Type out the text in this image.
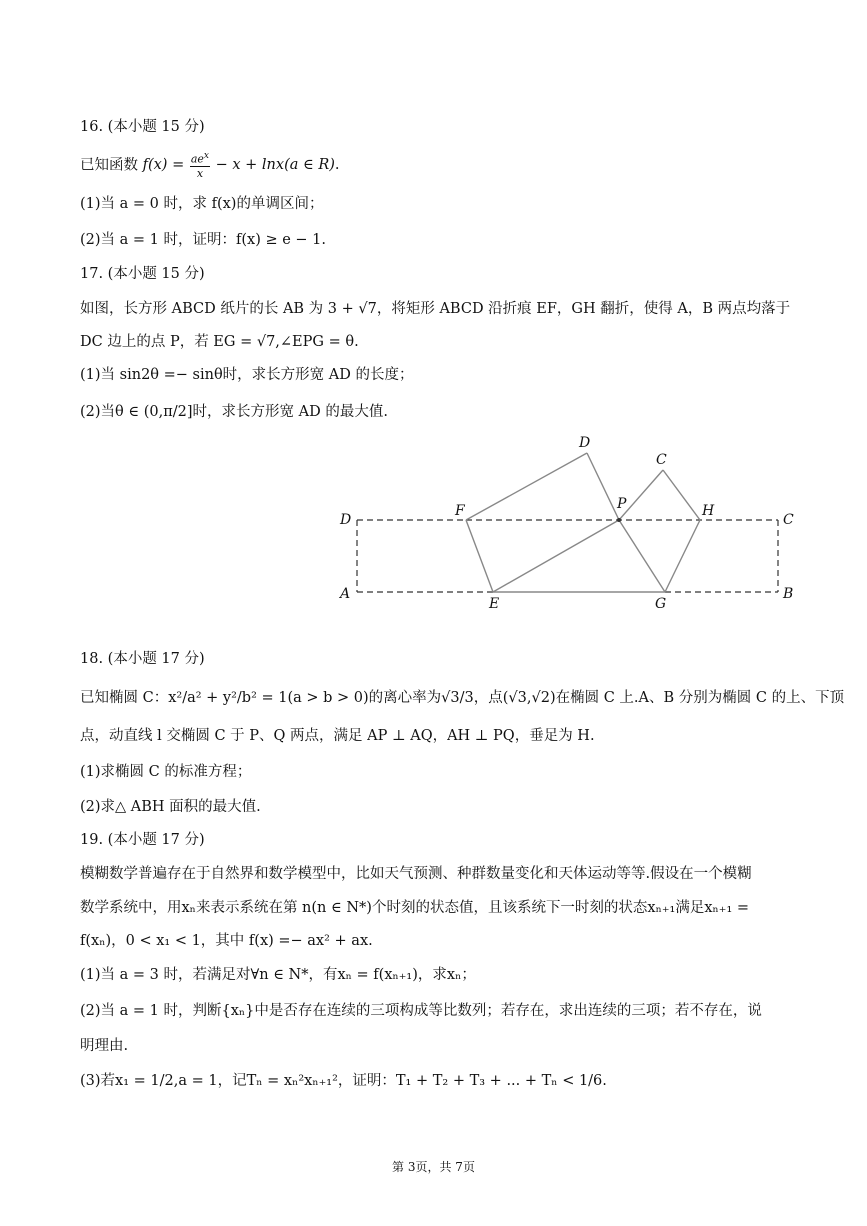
16. (本小题 15 分)
已知函数 $f(x) = \frac{ae^x}{x} - x + \ln x(a$ ∈ R).
(1)当 a = 0 时，求 f(x)的单调区间；
(2)当 a = 1 时，证明：f(x) ≥ e − 1.
17. (本小题 15 分)
如图，长方形 ABCD 纸片的长 AB 为 3 + √7，将矩形 ABCD 沿折痕 EF，GH 翻折，使得 A，B 两点均落于
DC 边上的点 P，若 EG = √7,∠EPG = θ.
(1)当 sin2θ =− sinθ时，求长方形宽 AD 的长度；
(2)当θ ∈ (0,π/2]时，求长方形宽 AD 的最大值.
D
C
F	P	H
D	C
A
E	G
B
18. (本小题 17 分)
已知椭圆 C：x²/a² + y²/b² = 1(a > b > 0)的离心率为√3/3，点(√3,√2)在椭圆 C 上.A、B 分别为椭圆 C 的上、下顶
点，动直线 l 交椭圆 C 于 P、Q 两点，满足 AP ⊥ AQ，AH ⊥ PQ，垂足为 H.
(1)求椭圆 C 的标准方程；
(2)求△ ABH 面积的最大值.
19. (本小题 17 分)
模糊数学普遍存在于自然界和数学模型中，比如天气预测、种群数量变化和天体运动等等.假设在一个模糊
数学系统中，用xₙ来表示系统在第 n(n ∈ N*)个时刻的状态值，且该系统下一时刻的状态xₙ₊₁满足xₙ₊₁ =
f(xₙ)，0 < x₁ < 1，其中 f(x) =− ax² + ax.
(1)当 a = 3 时，若满足对∀n ∈ N*，有xₙ = f(xₙ₊₁)，求xₙ；
(2)当 a = 1 时，判断{xₙ}中是否存在连续的三项构成等比数列；若存在，求出连续的三项；若不存在，说
明理由.
(3)若x₁ = 1/2,a = 1，记Tₙ = xₙ²xₙ₊₁²，证明：T₁ + T₂ + T₃ + ... + Tₙ < 1/6.
第 3页，共 7页
